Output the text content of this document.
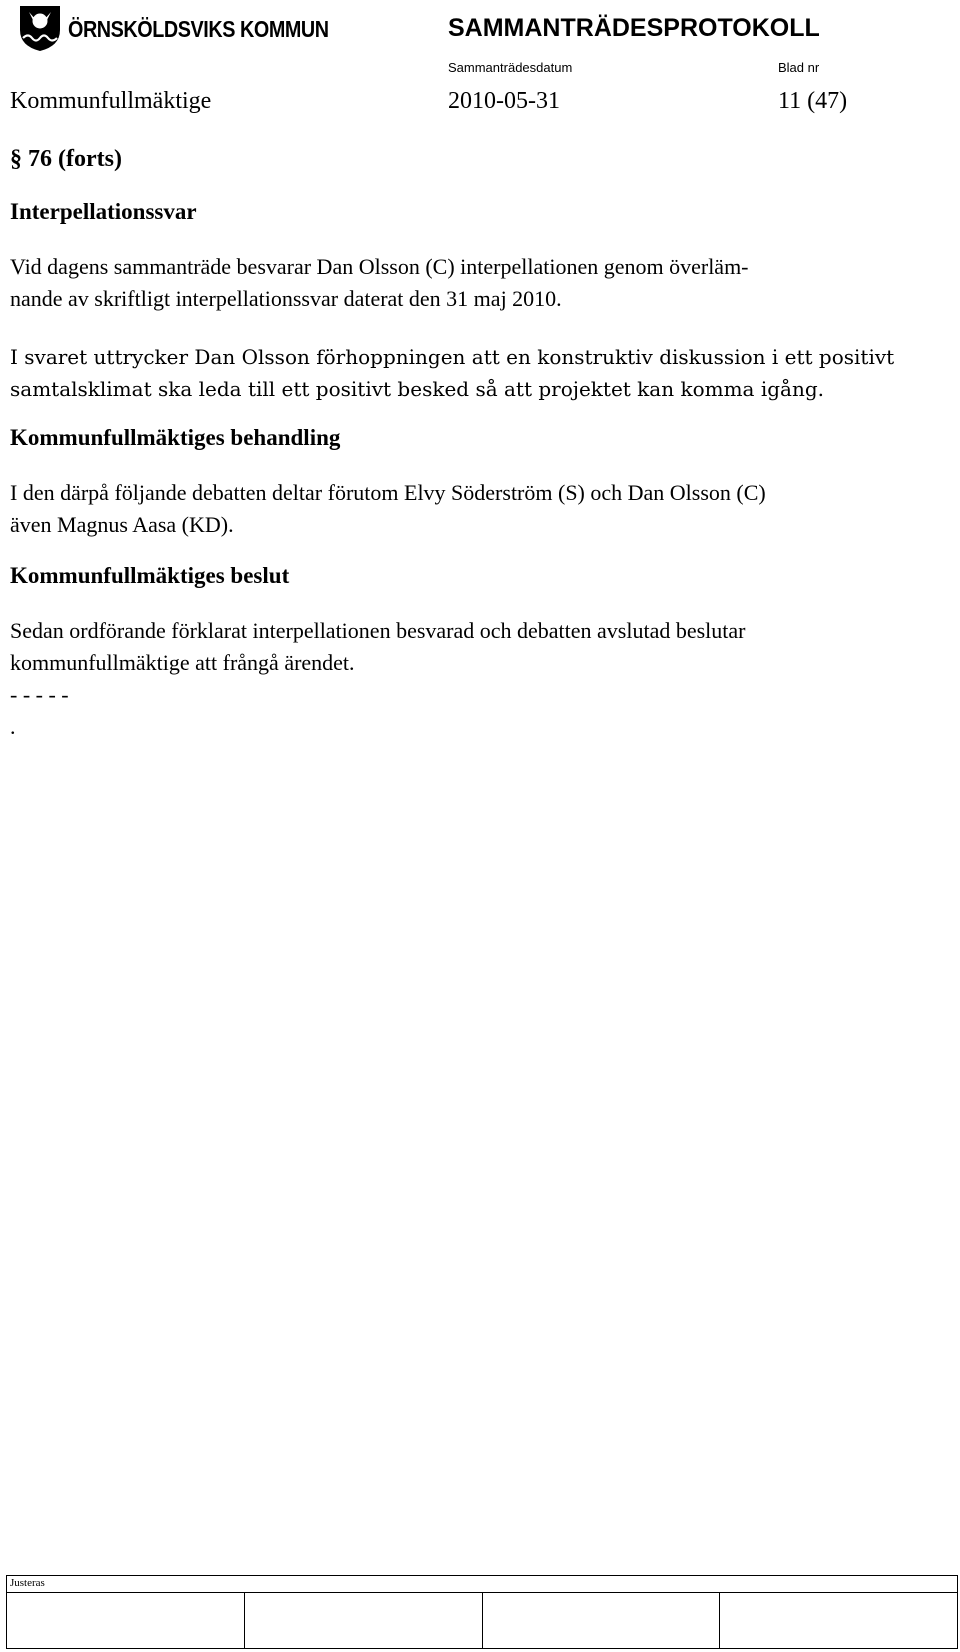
ÖRNSKÖLDSVIKS KOMMUN	SAMMANTRÄDESPROTOKOLL
Sammanträdesdatum	Blad nr
Kommunfullmäktige	2010-05-31	11 (47)
§ 76 (forts)
Interpellationssvar

Vid dagens sammanträde besvarar Dan Olsson (C) interpellationen genom överläm-
nande av skriftligt interpellationssvar daterat den 31 maj 2010.

I svaret uttrycker Dan Olsson förhoppningen att en konstruktiv diskussion i ett positivt
samtalsklimat ska leda till ett positivt besked så att projektet kan komma igång.

Kommunfullmäktiges behandling

I den därpå följande debatten deltar förutom Elvy Söderström (S) och Dan Olsson (C)
även Magnus Aasa (KD).

Kommunfullmäktiges beslut

Sedan ordförande förklarat interpellationen besvarad och debatten avslutad beslutar
kommunfullmäktige att frångå ärendet.

- - - - -

.

Justeras
